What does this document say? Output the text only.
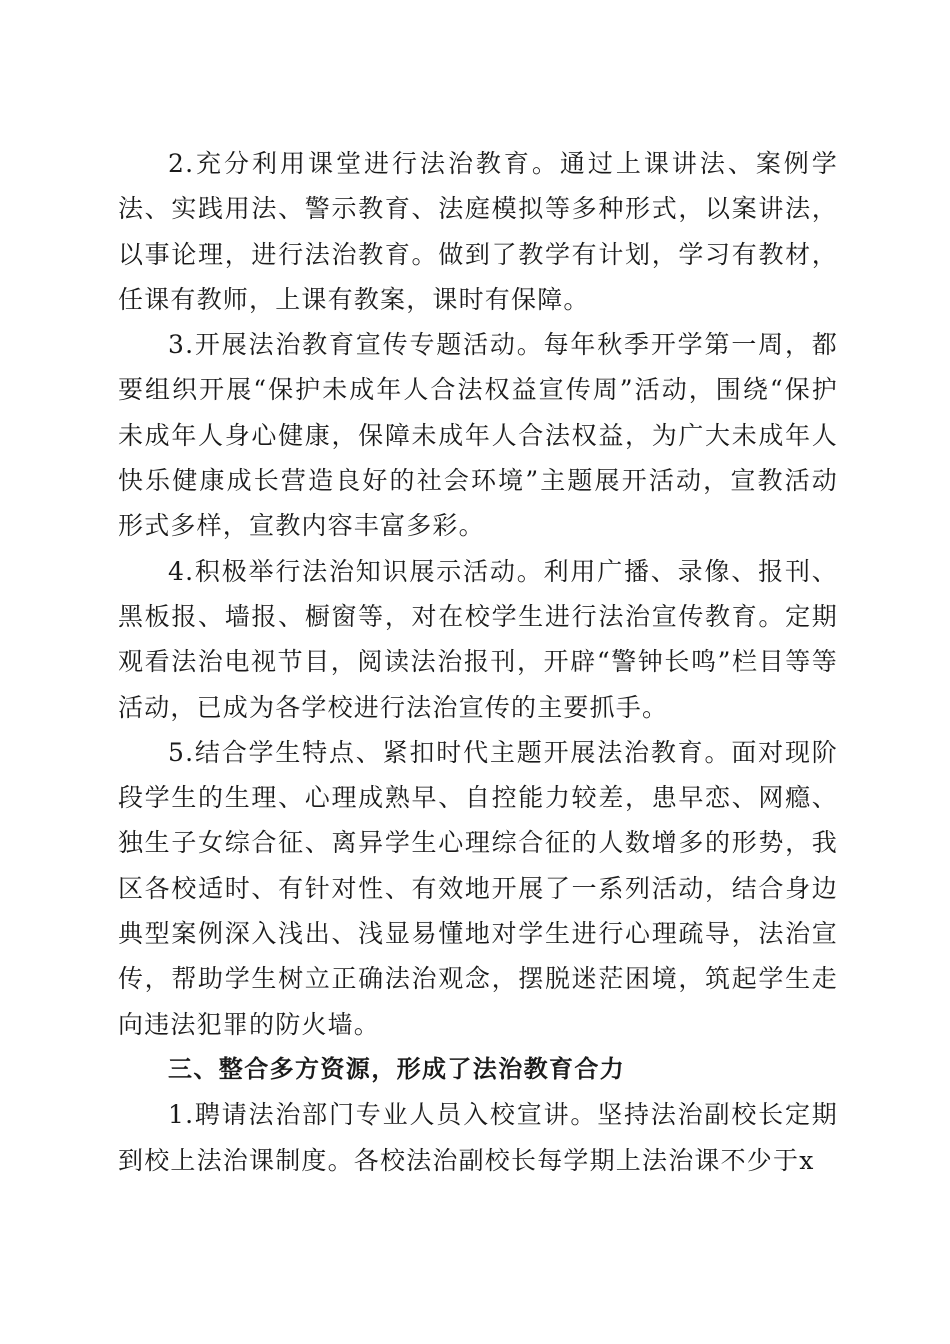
2.充分利用课堂进行法治教育。通过上课讲法、案例学法、实践用法、警示教育、法庭模拟等多种形式，以案讲法，以事论理，进行法治教育。做到了教学有计划，学习有教材，任课有教师，上课有教案，课时有保障。

3.开展法治教育宣传专题活动。每年秋季开学第一周，都要组织开展“保护未成年人合法权益宣传周”活动，围绕“保护未成年人身心健康，保障未成年人合法权益，为广大未成年人快乐健康成长营造良好的社会环境”主题展开活动，宣教活动形式多样，宣教内容丰富多彩。

4.积极举行法治知识展示活动。利用广播、录像、报刊、黑板报、墙报、橱窗等，对在校学生进行法治宣传教育。定期观看法治电视节目，阅读法治报刊，开辟“警钟长鸣”栏目等等活动，已成为各学校进行法治宣传的主要抓手。

5.结合学生特点、紧扣时代主题开展法治教育。面对现阶段学生的生理、心理成熟早、自控能力较差，患早恋、网瘾、独生子女综合征、离异学生心理综合征的人数增多的形势，我区各校适时、有针对性、有效地开展了一系列活动，结合身边典型案例深入浅出、浅显易懂地对学生进行心理疏导，法治宣传，帮助学生树立正确法治观念，摆脱迷茫困境，筑起学生走向违法犯罪的防火墙。

三、整合多方资源，形成了法治教育合力

1.聘请法治部门专业人员入校宣讲。坚持法治副校长定期到校上法治课制度。各校法治副校长每学期上法治课不少于x
